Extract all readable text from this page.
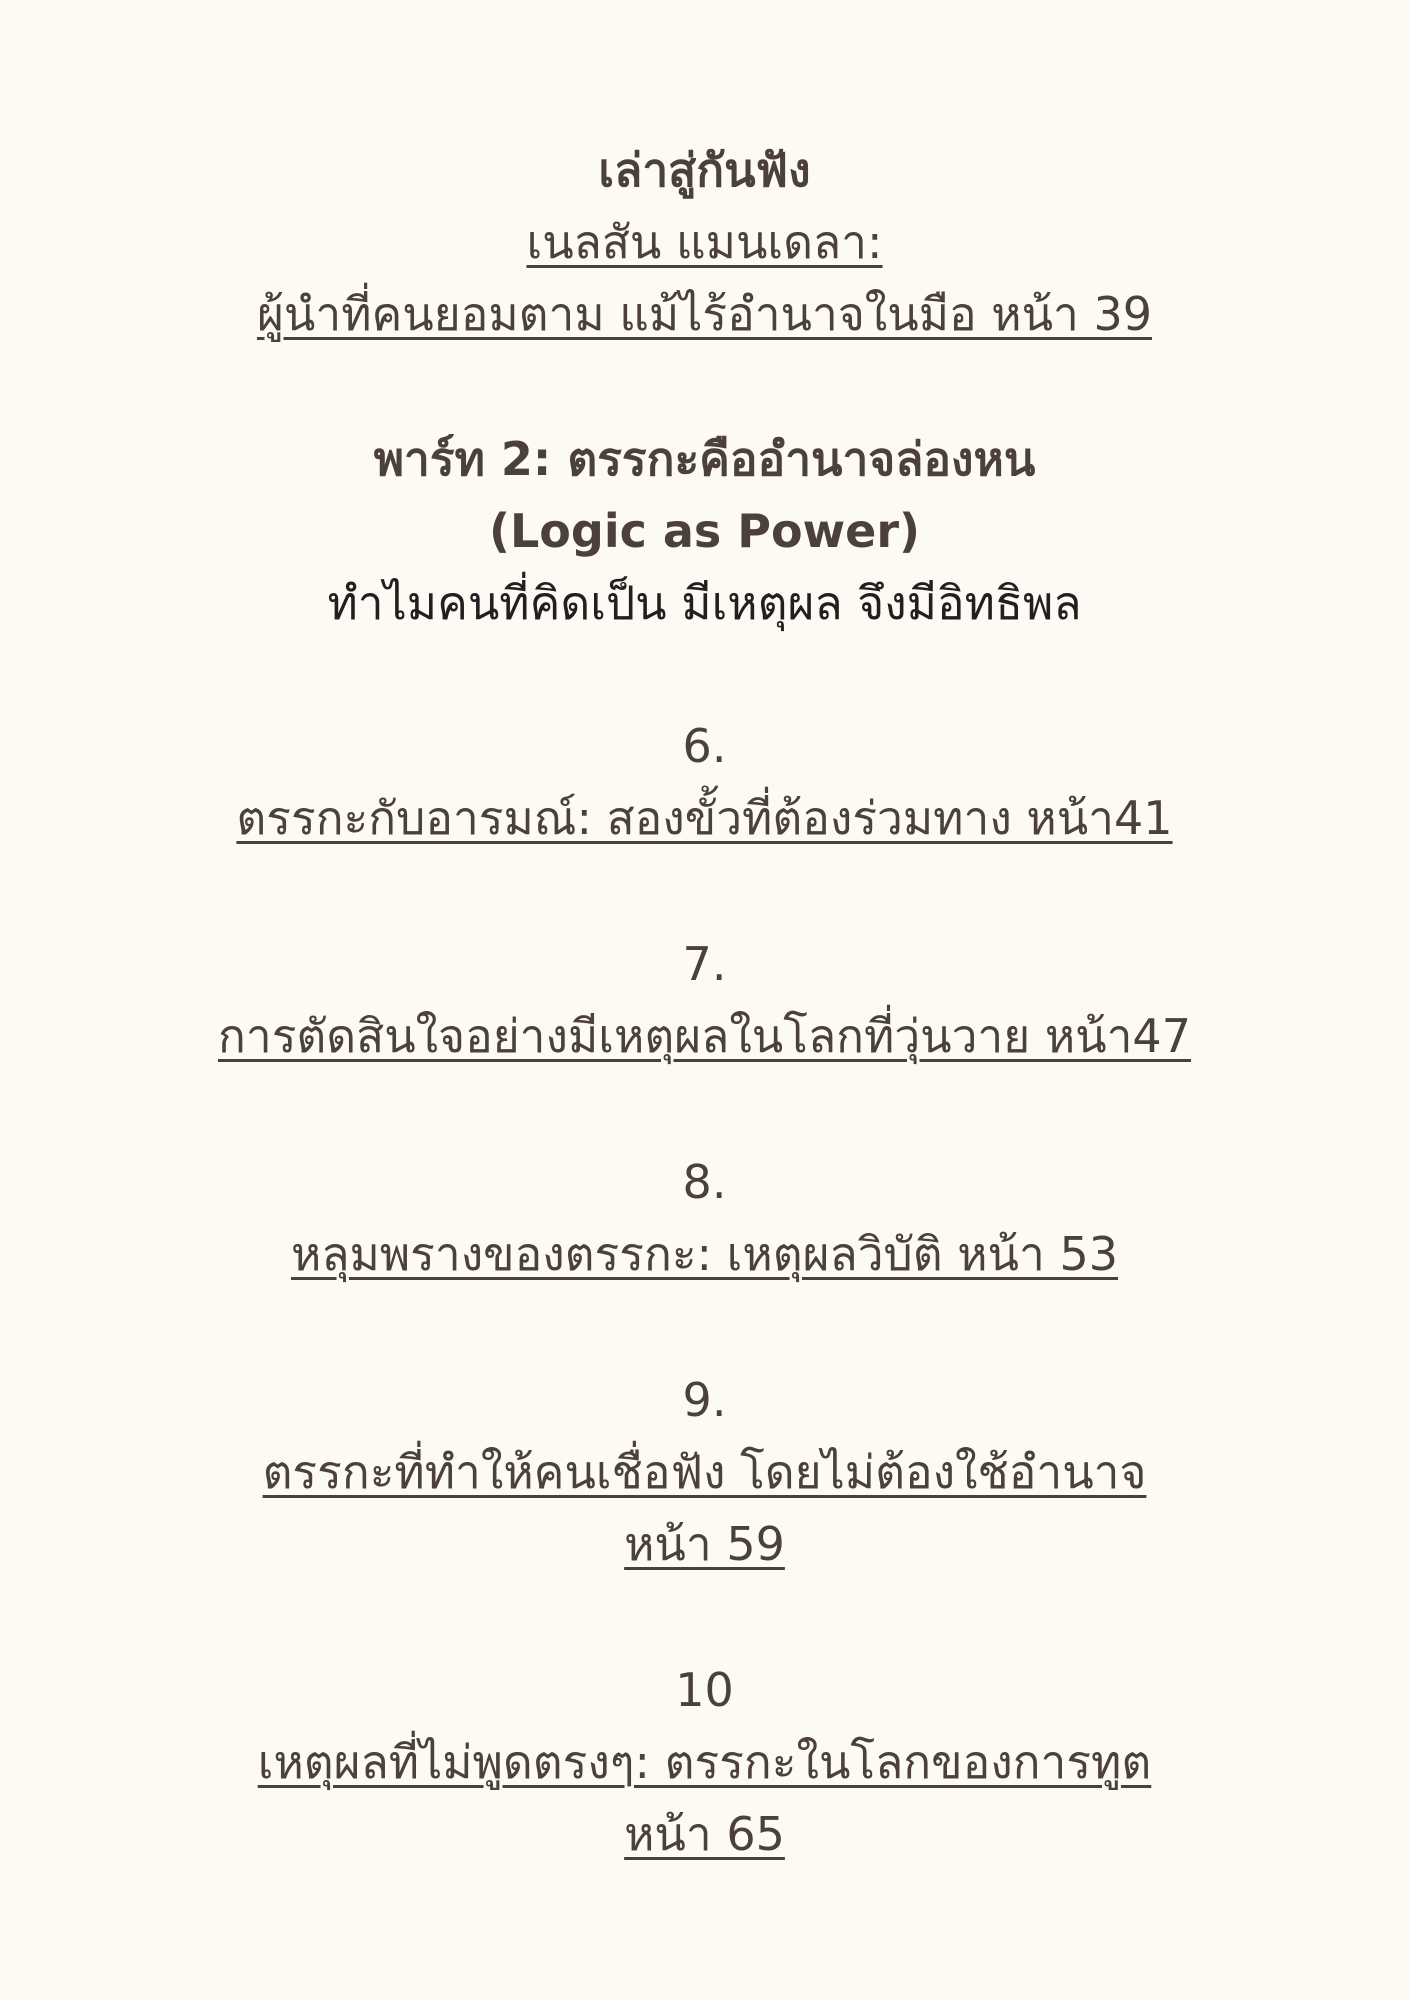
เล่าสู่กันฟัง

เนลสัน แมนเดลา:

ผู้นำที่คนยอมตาม แม้ไร้อำนาจในมือ หน้า 39

พาร์ท 2: ตรรกะคืออำนาจล่องหน

(Logic as Power)

ทำไมคนที่คิดเป็น มีเหตุผล จึงมีอิทธิพล

6.

ตรรกะกับอารมณ์: สองขั้วที่ต้องร่วมทาง หน้า41

7.

การตัดสินใจอย่างมีเหตุผลในโลกที่วุ่นวาย หน้า47

8.

หลุมพรางของตรรกะ: เหตุผลวิบัติ หน้า 53

9.

ตรรกะที่ทำให้คนเชื่อฟัง โดยไม่ต้องใช้อำนาจ

หน้า 59

10

เหตุผลที่ไม่พูดตรงๆ: ตรรกะในโลกของการทูต

หน้า 65
